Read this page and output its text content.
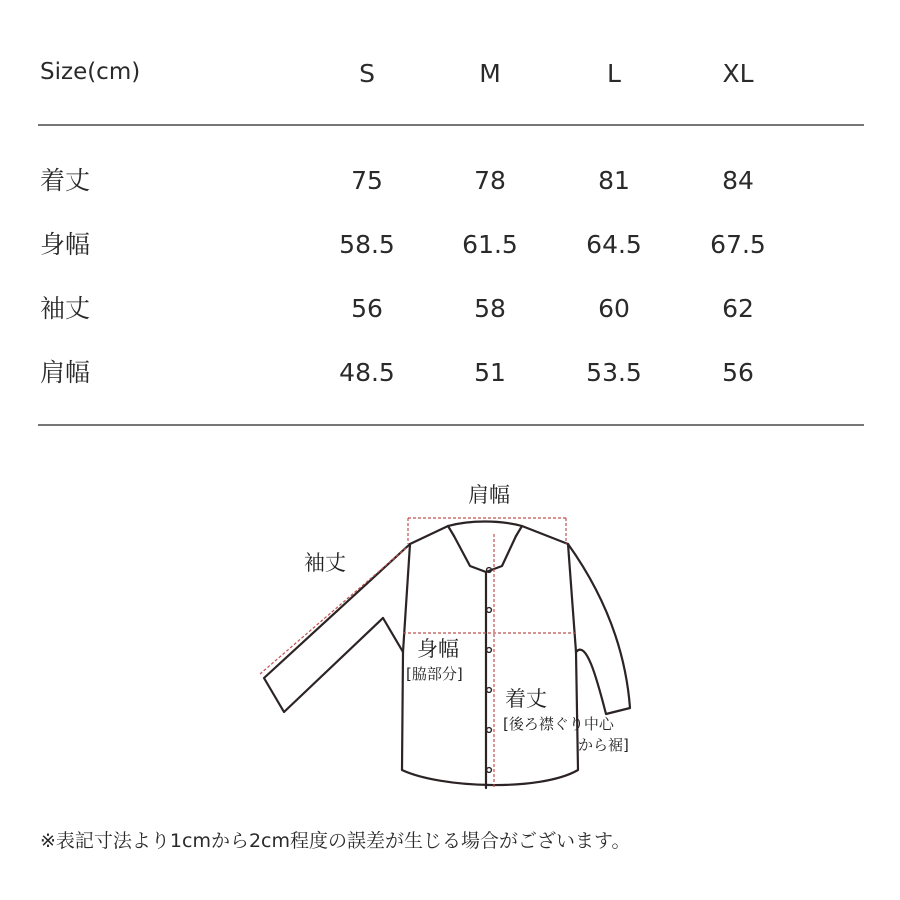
Size(cm)	S	M	L	XL
着丈	75	78	81	84
身幅	58.5	61.5	64.5	67.5
袖丈	56	58	60	62
肩幅	48.5	51	53.5	56
肩幅
袖丈
身幅
[脇部分]
着丈
[後ろ襟ぐり中心
から裾]
※表記寸法より1cmから2cm程度の誤差が生じる場合がございます。
